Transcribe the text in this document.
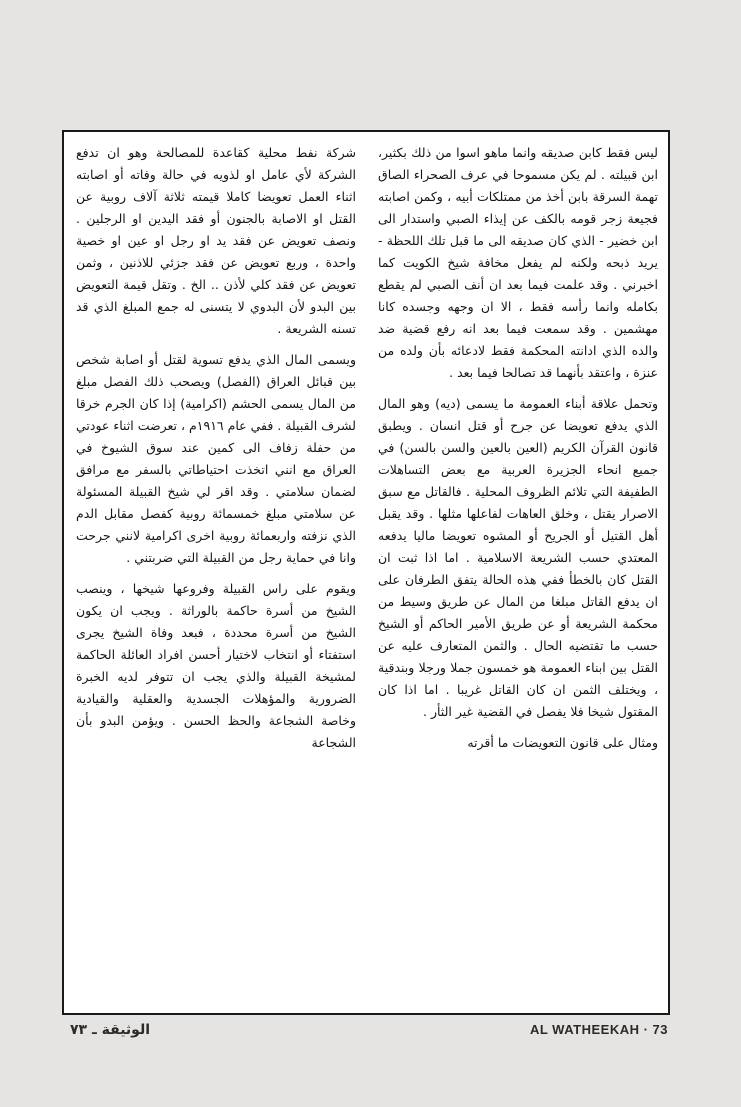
ليس فقط كابن صديقه وانما ماهو اسوا من ذلك بكثير، ابن قبيلته . لم يكن مسموحا في عرف الصحراء الصاق تهمة السرقة بابن أخذ من ممتلكات أبيه ، وكمن اصابته فجيعة زجر قومه بالكف عن إيذاء الصبي واستدار الى ابن خضير - الذي كان صديقه الى ما قبل تلك اللحظة - يريد ذبحه ولكنه لم يفعل مخافة شيخ الكويت كما اخبرني . وقد علمت فيما بعد ان أنف الصبي لم يقطع بكامله وانما رأسه فقط ، الا ان وجهه وجسده كانا مهشمين . وقد سمعت فيما بعد انه رفع قضية ضد والده الذي ادانته المحكمة فقط لادعائه بأن ولده من عنزة ، واعتقد بأنهما قد تصالحا فيما بعد .

وتحمل علاقة أبناء العمومة ما يسمى (ديه) وهو المال الذي يدفع تعويضا عن جرح أو قتل انسان . ويطبق قانون القرآن الكريم (العين بالعين والسن بالسن) في جميع انحاء الجزيرة العربية مع بعض التساهلات الطفيفة التي تلائم الظروف المحلية . فالقاتل مع سبق الاصرار يقتل ، وخلق العاهات لفاعلها مثلها . وقد يقبل أهل القتيل أو الجريح أو المشوه تعويضا ماليا يدفعه المعتدي حسب الشريعة الاسلامية . اما اذا ثبت ان القتل كان بالخطأ ففي هذه الحالة يتفق الطرفان على ان يدفع القاتل مبلغا من المال عن طريق وسيط من محكمة الشريعة أو عن طريق الأمير الحاكم أو الشيخ حسب ما تقتضيه الحال . والثمن المتعارف عليه عن القتل بين ابناء العمومة هو خمسون جملا ورجلا وبندقية ، ويختلف الثمن ان كان القاتل غريبا . اما اذا كان المقتول شيخا فلا يفصل في القضية غير الثأر .

ومثال على قانون التعويضات ما أقرته

شركة نفط محلية كقاعدة للمصالحة وهو ان تدفع الشركة لأي عامل او لذويه في حالة وفاته أو اصابته اثناء العمل تعويضا كاملا قيمته ثلاثة آلاف روبية عن القتل او الاصابة بالجنون أو فقد اليدين او الرجلين . ونصف تعويض عن فقد يد او رجل او عين او خصية واحدة ، وربع تعويض عن فقد جزئي للاذنين ، وثمن تعويض عن فقد كلي لأذن .. الخ . وتقل قيمة التعويض بين البدو لأن البدوي لا يتسنى له جمع المبلغ الذي قد تسنه الشريعة .

ويسمى المال الذي يدفع تسوية لقتل أو اصابة شخص بين قبائل العراق (الفصل) ويصحب ذلك الفصل مبلغ من المال يسمى الحشم (اكرامية) إذا كان الجرم خرقا لشرف القبيلة . ففي عام ١٩١٦م ، تعرضت اثناء عودتي من حفلة زفاف الى كمين عند سوق الشيوخ في العراق مع انني اتخذت احتياطاتي بالسفر مع مرافق لضمان سلامتي . وقد اقر لي شيخ القبيلة المسئولة عن سلامتي مبلغ خمسمائة روبية كفصل مقابل الدم الذي نزفته واربعمائة روبية اخرى اكرامية لانني جرحت وانا في حماية رجل من القبيلة التي ضربتني .

ويقوم على راس القبيلة وفروعها شيخها ، وينصب الشيخ من أسرة حاكمة بالوراثة . ويجب ان يكون الشيخ من أسرة محددة ، فبعد وفاة الشيخ يجرى استفتاء أو انتخاب لاختيار أحسن افراد العائلة الحاكمة لمشيخة القبيلة والذي يجب ان تتوفر لديه الخبرة الضرورية والمؤهلات الجسدية والعقلية والقيادية وخاصة الشجاعة والحظ الحسن . ويؤمن البدو بأن الشجاعة

الوثيقة ـ ٧٣	AL WATHEEKAH · 73
